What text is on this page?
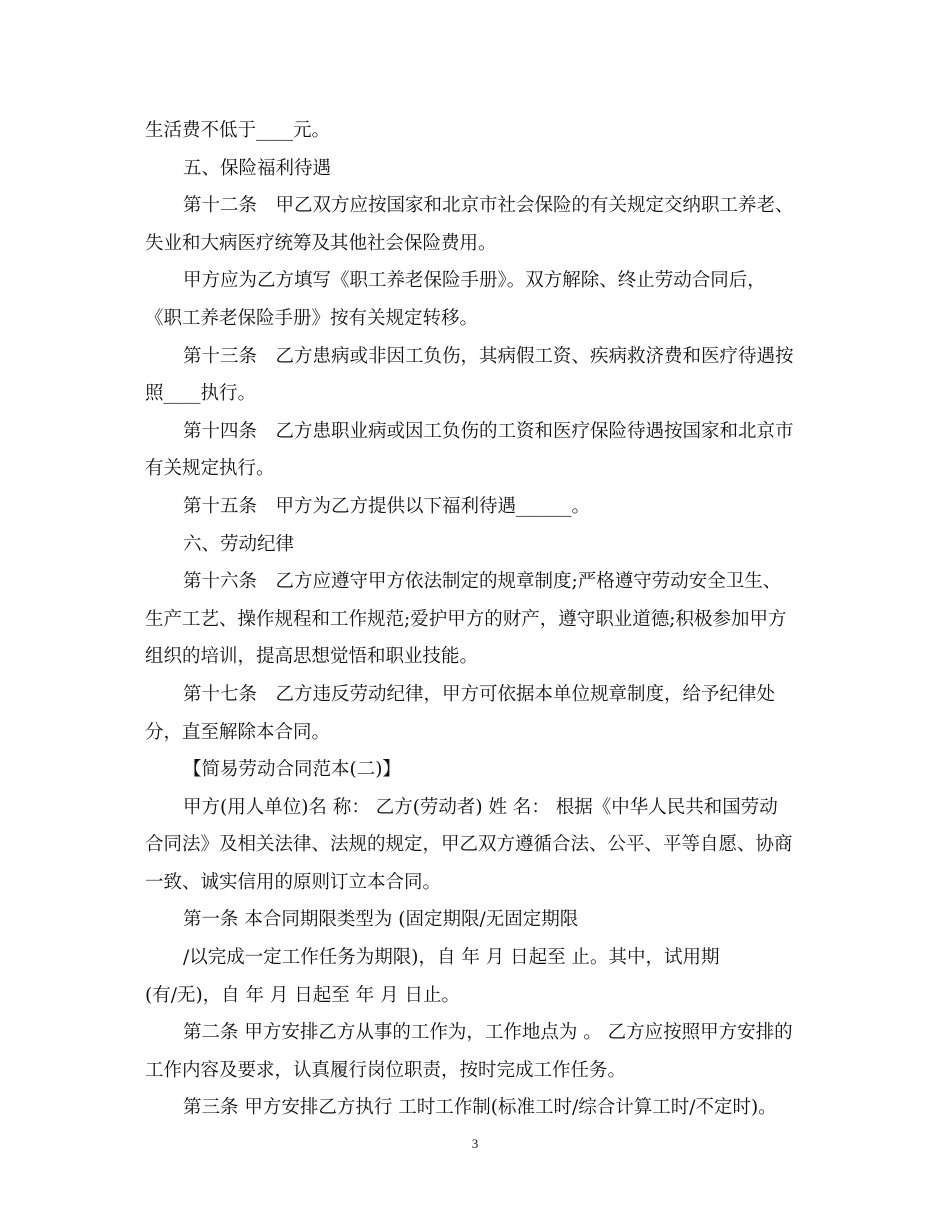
生活费不低于____元。
五、保险福利待遇
第十二条　甲乙双方应按国家和北京市社会保险的有关规定交纳职工养老、
失业和大病医疗统筹及其他社会保险费用。
甲方应为乙方填写《职工养老保险手册》。双方解除、终止劳动合同后，
《职工养老保险手册》按有关规定转移。
第十三条　乙方患病或非因工负伤，其病假工资、疾病救济费和医疗待遇按
照____执行。
第十四条　乙方患职业病或因工负伤的工资和医疗保险待遇按国家和北京市
有关规定执行。
第十五条　甲方为乙方提供以下福利待遇______。
六、劳动纪律
第十六条　乙方应遵守甲方依法制定的规章制度;严格遵守劳动安全卫生、
生产工艺、操作规程和工作规范;爱护甲方的财产，遵守职业道德;积极参加甲方
组织的培训，提高思想觉悟和职业技能。
第十七条　乙方违反劳动纪律，甲方可依据本单位规章制度，给予纪律处
分，直至解除本合同。
【简易劳动合同范本(二)】
甲方(用人单位)名 称： 乙方(劳动者) 姓 名： 根据《中华人民共和国劳动
合同法》及相关法律、法规的规定，甲乙双方遵循合法、公平、平等自愿、协商
一致、诚实信用的原则订立本合同。
第一条 本合同期限类型为 (固定期限/无固定期限
/以完成一定工作任务为期限)，自 年 月 日起至 止。其中，试用期
(有/无)，自 年 月 日起至 年 月 日止。
第二条 甲方安排乙方从事的工作为，工作地点为 。 乙方应按照甲方安排的
工作内容及要求，认真履行岗位职责，按时完成工作任务。
第三条 甲方安排乙方执行 工时工作制(标准工时/综合计算工时/不定时)。
3
